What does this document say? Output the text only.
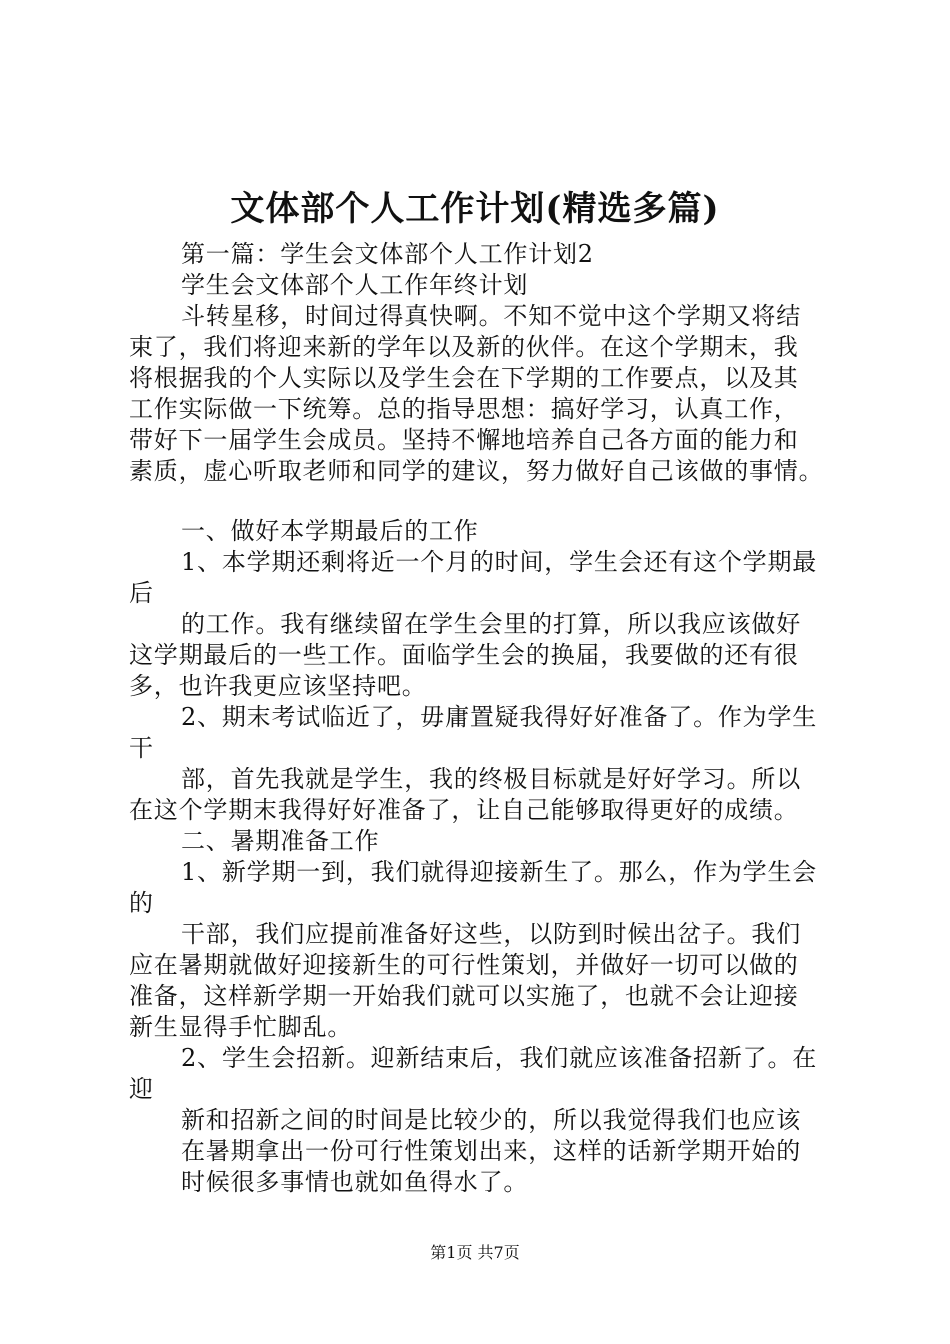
文体部个人工作计划(精选多篇)
第一篇：学生会文体部个人工作计划2
学生会文体部个人工作年终计划
斗转星移，时间过得真快啊。不知不觉中这个学期又将结
束了，我们将迎来新的学年以及新的伙伴。在这个学期末，我
将根据我的个人实际以及学生会在下学期的工作要点，以及其
工作实际做一下统筹。总的指导思想：搞好学习，认真工作，
带好下一届学生会成员。坚持不懈地培养自己各方面的能力和
素质，虚心听取老师和同学的建议，努力做好自己该做的事情。
一、做好本学期最后的工作
1、本学期还剩将近一个月的时间，学生会还有这个学期最
后
的工作。我有继续留在学生会里的打算，所以我应该做好
这学期最后的一些工作。面临学生会的换届，我要做的还有很
多，也许我更应该坚持吧。
2、期末考试临近了，毋庸置疑我得好好准备了。作为学生
干
部，首先我就是学生，我的终极目标就是好好学习。所以
在这个学期末我得好好准备了，让自己能够取得更好的成绩。
二、暑期准备工作
1、新学期一到，我们就得迎接新生了。那么，作为学生会
的
干部，我们应提前准备好这些，以防到时候出岔子。我们
应在暑期就做好迎接新生的可行性策划，并做好一切可以做的
准备，这样新学期一开始我们就可以实施了，也就不会让迎接
新生显得手忙脚乱。
2、学生会招新。迎新结束后，我们就应该准备招新了。在
迎
新和招新之间的时间是比较少的，所以我觉得我们也应该
在暑期拿出一份可行性策划出来，这样的话新学期开始的
时候很多事情也就如鱼得水了。
第1页 共7页
